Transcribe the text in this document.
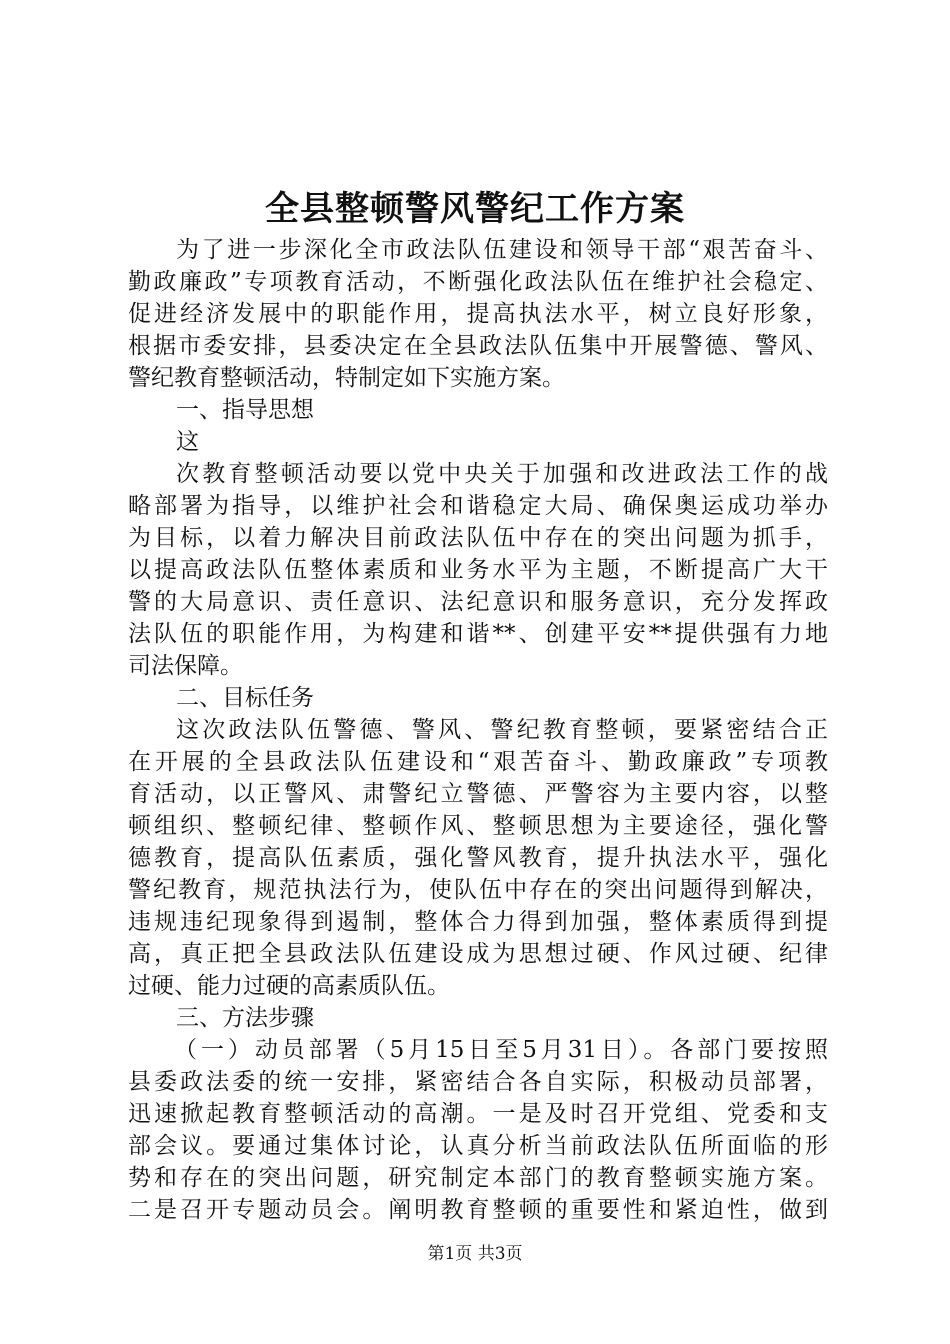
全县整顿警风警纪工作方案
为了进一步深化全市政法队伍建设和领导干部“艰苦奋斗、
勤政廉政”专项教育活动，不断强化政法队伍在维护社会稳定、
促进经济发展中的职能作用，提高执法水平，树立良好形象，
根据市委安排，县委决定在全县政法队伍集中开展警德、警风、
警纪教育整顿活动，特制定如下实施方案。
一、指导思想
这
次教育整顿活动要以党中央关于加强和改进政法工作的战
略部署为指导，以维护社会和谐稳定大局、确保奥运成功举办
为目标，以着力解决目前政法队伍中存在的突出问题为抓手，
以提高政法队伍整体素质和业务水平为主题，不断提高广大干
警的大局意识、责任意识、法纪意识和服务意识，充分发挥政
法队伍的职能作用，为构建和谐**、创建平安**提供强有力地
司法保障。
二、目标任务
这次政法队伍警德、警风、警纪教育整顿，要紧密结合正
在开展的全县政法队伍建设和“艰苦奋斗、勤政廉政”专项教
育活动，以正警风、肃警纪立警德、严警容为主要内容，以整
顿组织、整顿纪律、整顿作风、整顿思想为主要途径，强化警
德教育，提高队伍素质，强化警风教育，提升执法水平，强化
警纪教育，规范执法行为，使队伍中存在的突出问题得到解决，
违规违纪现象得到遏制，整体合力得到加强，整体素质得到提
高，真正把全县政法队伍建设成为思想过硬、作风过硬、纪律
过硬、能力过硬的高素质队伍。
三、方法步骤
（一）动员部署（5月15日至5月31日）。各部门要按照
县委政法委的统一安排，紧密结合各自实际，积极动员部署，
迅速掀起教育整顿活动的高潮。一是及时召开党组、党委和支
部会议。要通过集体讨论，认真分析当前政法队伍所面临的形
势和存在的突出问题，研究制定本部门的教育整顿实施方案。
二是召开专题动员会。阐明教育整顿的重要性和紧迫性，做到
第1页 共3页
